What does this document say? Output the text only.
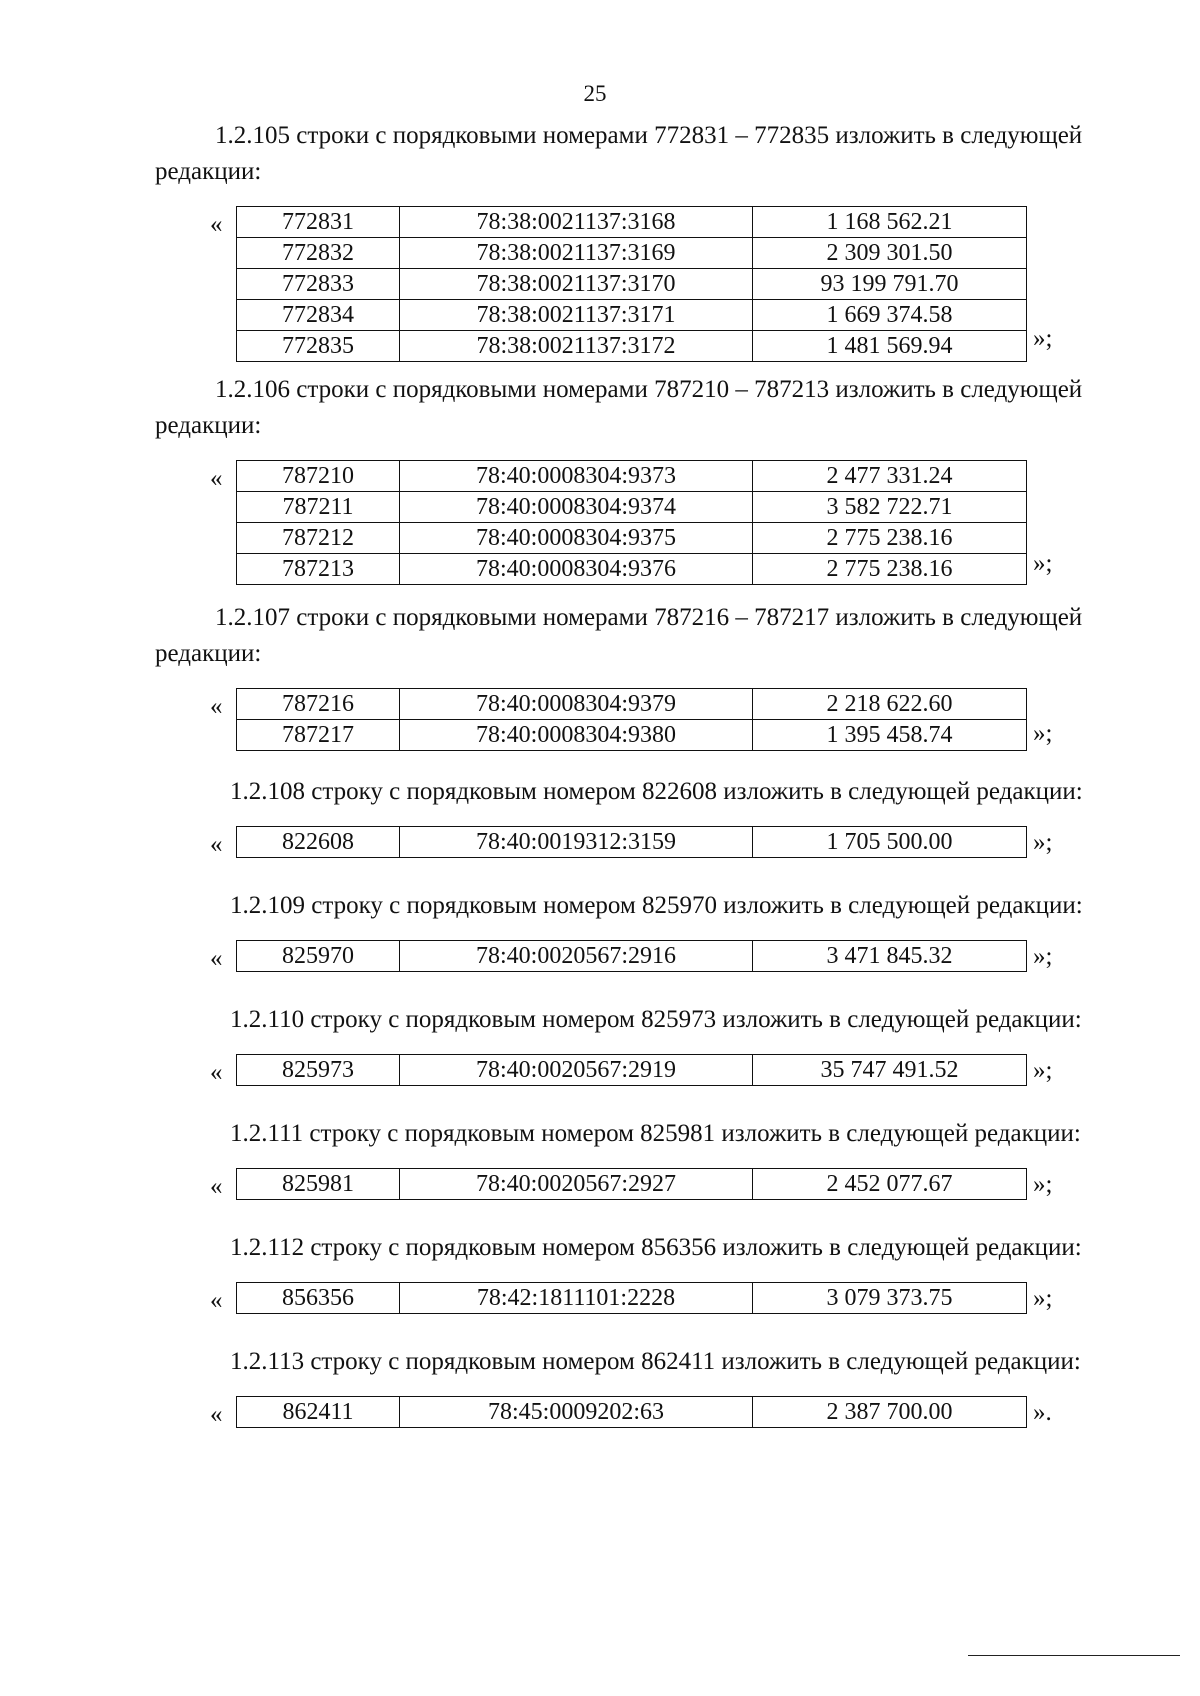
25
1.2.105 строки с порядковыми номерами 772831 – 772835 изложить в следующей
редакции:
« 772831	78:38:0021137:3168	1 168 562.21
772832	78:38:0021137:3169	2 309 301.50
772833	78:38:0021137:3170	93 199 791.70
772834	78:38:0021137:3171	1 669 374.58
772835	78:38:0021137:3172	1 481 569.94	»;
1.2.106 строки с порядковыми номерами 787210 – 787213 изложить в следующей
редакции:
« 787210	78:40:0008304:9373	2 477 331.24
787211	78:40:0008304:9374	3 582 722.71
787212	78:40:0008304:9375	2 775 238.16
787213	78:40:0008304:9376	2 775 238.16	»;
1.2.107 строки с порядковыми номерами 787216 – 787217 изложить в следующей
редакции:
« 787216	78:40:0008304:9379	2 218 622.60
787217	78:40:0008304:9380	1 395 458.74	»;
1.2.108 строку с порядковым номером 822608 изложить в следующей редакции:
« 822608	78:40:0019312:3159	1 705 500.00	»;
1.2.109 строку с порядковым номером 825970 изложить в следующей редакции:
« 825970	78:40:0020567:2916	3 471 845.32	»;
1.2.110 строку с порядковым номером 825973 изложить в следующей редакции:
« 825973	78:40:0020567:2919	35 747 491.52	»;
1.2.111 строку с порядковым номером 825981 изложить в следующей редакции:
« 825981	78:40:0020567:2927	2 452 077.67	»;
1.2.112 строку с порядковым номером 856356 изложить в следующей редакции:
« 856356	78:42:1811101:2228	3 079 373.75	»;
1.2.113 строку с порядковым номером 862411 изложить в следующей редакции:
« 862411	78:45:0009202:63	2 387 700.00	».
